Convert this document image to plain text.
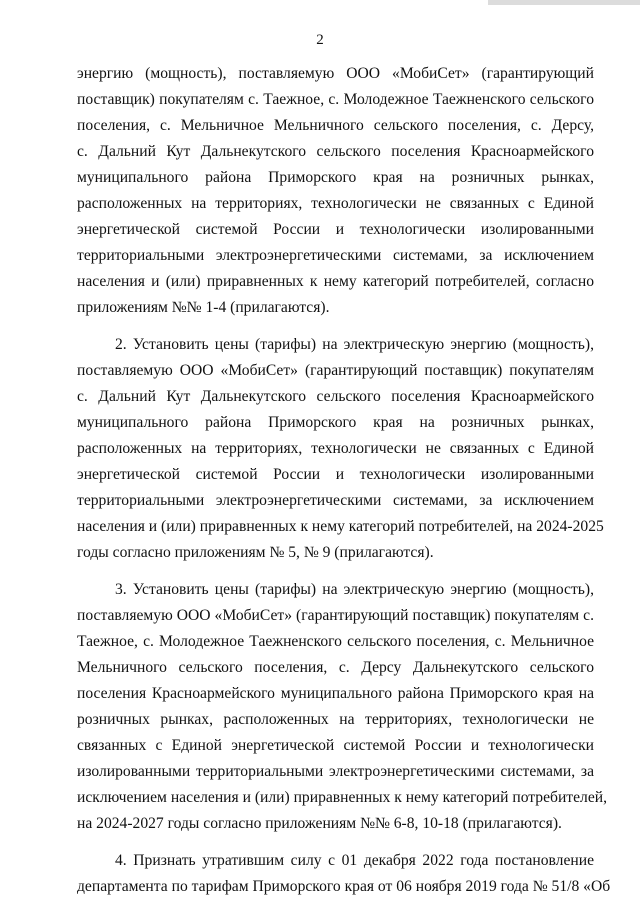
2
энергию (мощность), поставляемую ООО «МобиСет» (гарантирующий
поставщик) покупателям с. Таежное, с. Молодежное Таежненского сельского
поселения, с. Мельничное Мельничного сельского поселения, с. Дерсу,
с. Дальний Кут Дальнекутского сельского поселения Красноармейского
муниципального района Приморского края на розничных рынках,
расположенных на территориях, технологически не связанных с Единой
энергетической системой России и технологически изолированными
территориальными электроэнергетическими системами, за исключением
населения и (или) приравненных к нему категорий потребителей, согласно
приложениям №№ 1-4 (прилагаются).
2. Установить цены (тарифы) на электрическую энергию (мощность),
поставляемую ООО «МобиСет» (гарантирующий поставщик) покупателям
с. Дальний Кут Дальнекутского сельского поселения Красноармейского
муниципального района Приморского края на розничных рынках,
расположенных на территориях, технологически не связанных с Единой
энергетической системой России и технологически изолированными
территориальными электроэнергетическими системами, за исключением
населения и (или) приравненных к нему категорий потребителей, на 2024-2025
годы согласно приложениям № 5, № 9 (прилагаются).
3. Установить цены (тарифы) на электрическую энергию (мощность),
поставляемую ООО «МобиСет» (гарантирующий поставщик) покупателям с.
Таежное, с. Молодежное Таежненского сельского поселения, с. Мельничное
Мельничного сельского поселения, с. Дерсу Дальнекутского сельского
поселения Красноармейского муниципального района Приморского края на
розничных рынках, расположенных на территориях, технологически не
связанных с Единой энергетической системой России и технологически
изолированными территориальными электроэнергетическими системами, за
исключением населения и (или) приравненных к нему категорий потребителей,
на 2024-2027 годы согласно приложениям №№ 6-8, 10-18 (прилагаются).
4. Признать утратившим силу с 01 декабря 2022 года постановление
департамента по тарифам Приморского края от 06 ноября 2019 года № 51/8 «Об
